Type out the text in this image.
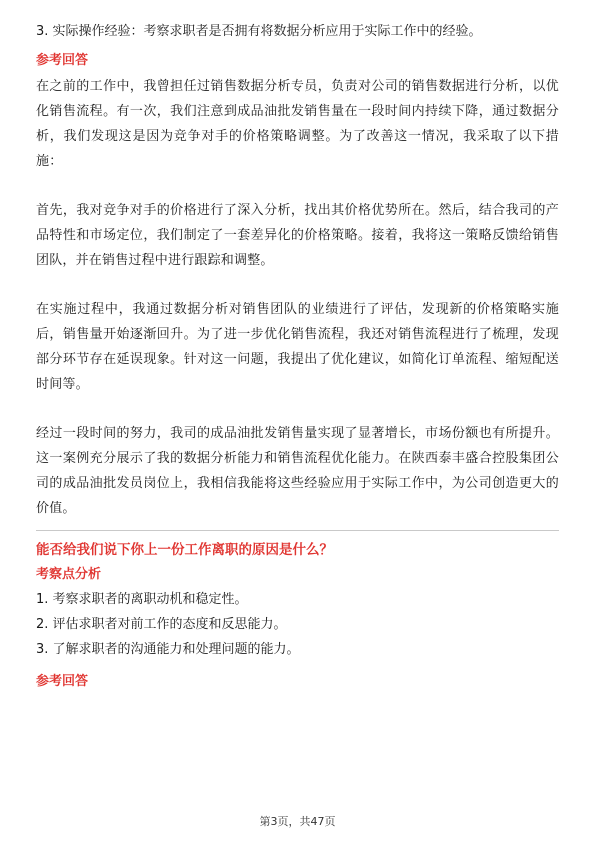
3. 实际操作经验：考察求职者是否拥有将数据分析应用于实际工作中的经验。

参考回答

在之前的工作中，我曾担任过销售数据分析专员，负责对公司的销售数据进行分析，以优化销售流程。有一次，我们注意到成品油批发销售量在一段时间内持续下降，通过数据分析，我们发现这是因为竞争对手的价格策略调整。为了改善这一情况，我采取了以下措施：

首先，我对竞争对手的价格进行了深入分析，找出其价格优势所在。然后，结合我司的产品特性和市场定位，我们制定了一套差异化的价格策略。接着，我将这一策略反馈给销售团队，并在销售过程中进行跟踪和调整。

在实施过程中，我通过数据分析对销售团队的业绩进行了评估，发现新的价格策略实施后，销售量开始逐渐回升。为了进一步优化销售流程，我还对销售流程进行了梳理，发现部分环节存在延误现象。针对这一问题，我提出了优化建议，如简化订单流程、缩短配送时间等。

经过一段时间的努力，我司的成品油批发销售量实现了显著增长，市场份额也有所提升。这一案例充分展示了我的数据分析能力和销售流程优化能力。在陕西泰丰盛合控股集团公司的成品油批发员岗位上，我相信我能将这些经验应用于实际工作中，为公司创造更大的价值。

能否给我们说下你上一份工作离职的原因是什么？

考察点分析

1. 考察求职者的离职动机和稳定性。

2. 评估求职者对前工作的态度和反思能力。

3. 了解求职者的沟通能力和处理问题的能力。

参考回答

第3页，共47页
